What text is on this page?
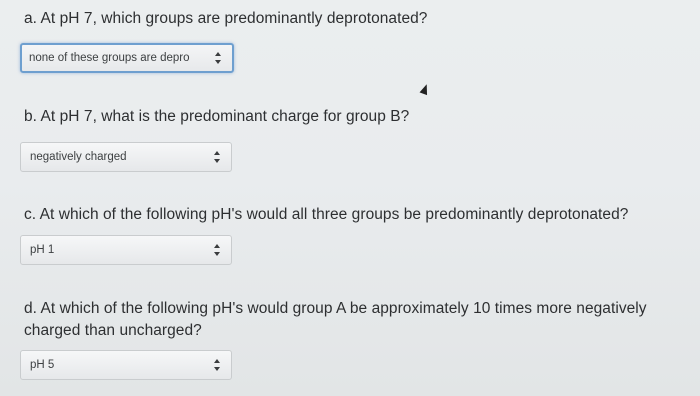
a. At pH 7, which groups are predominantly deprotonated?
none of these groups are depro
b. At pH 7, what is the predominant charge for group B?
negatively charged
c. At which of the following pH's would all three groups be predominantly deprotonated?
pH 1
d. At which of the following pH's would group A be approximately 10 times more negatively charged than uncharged?
pH 5
